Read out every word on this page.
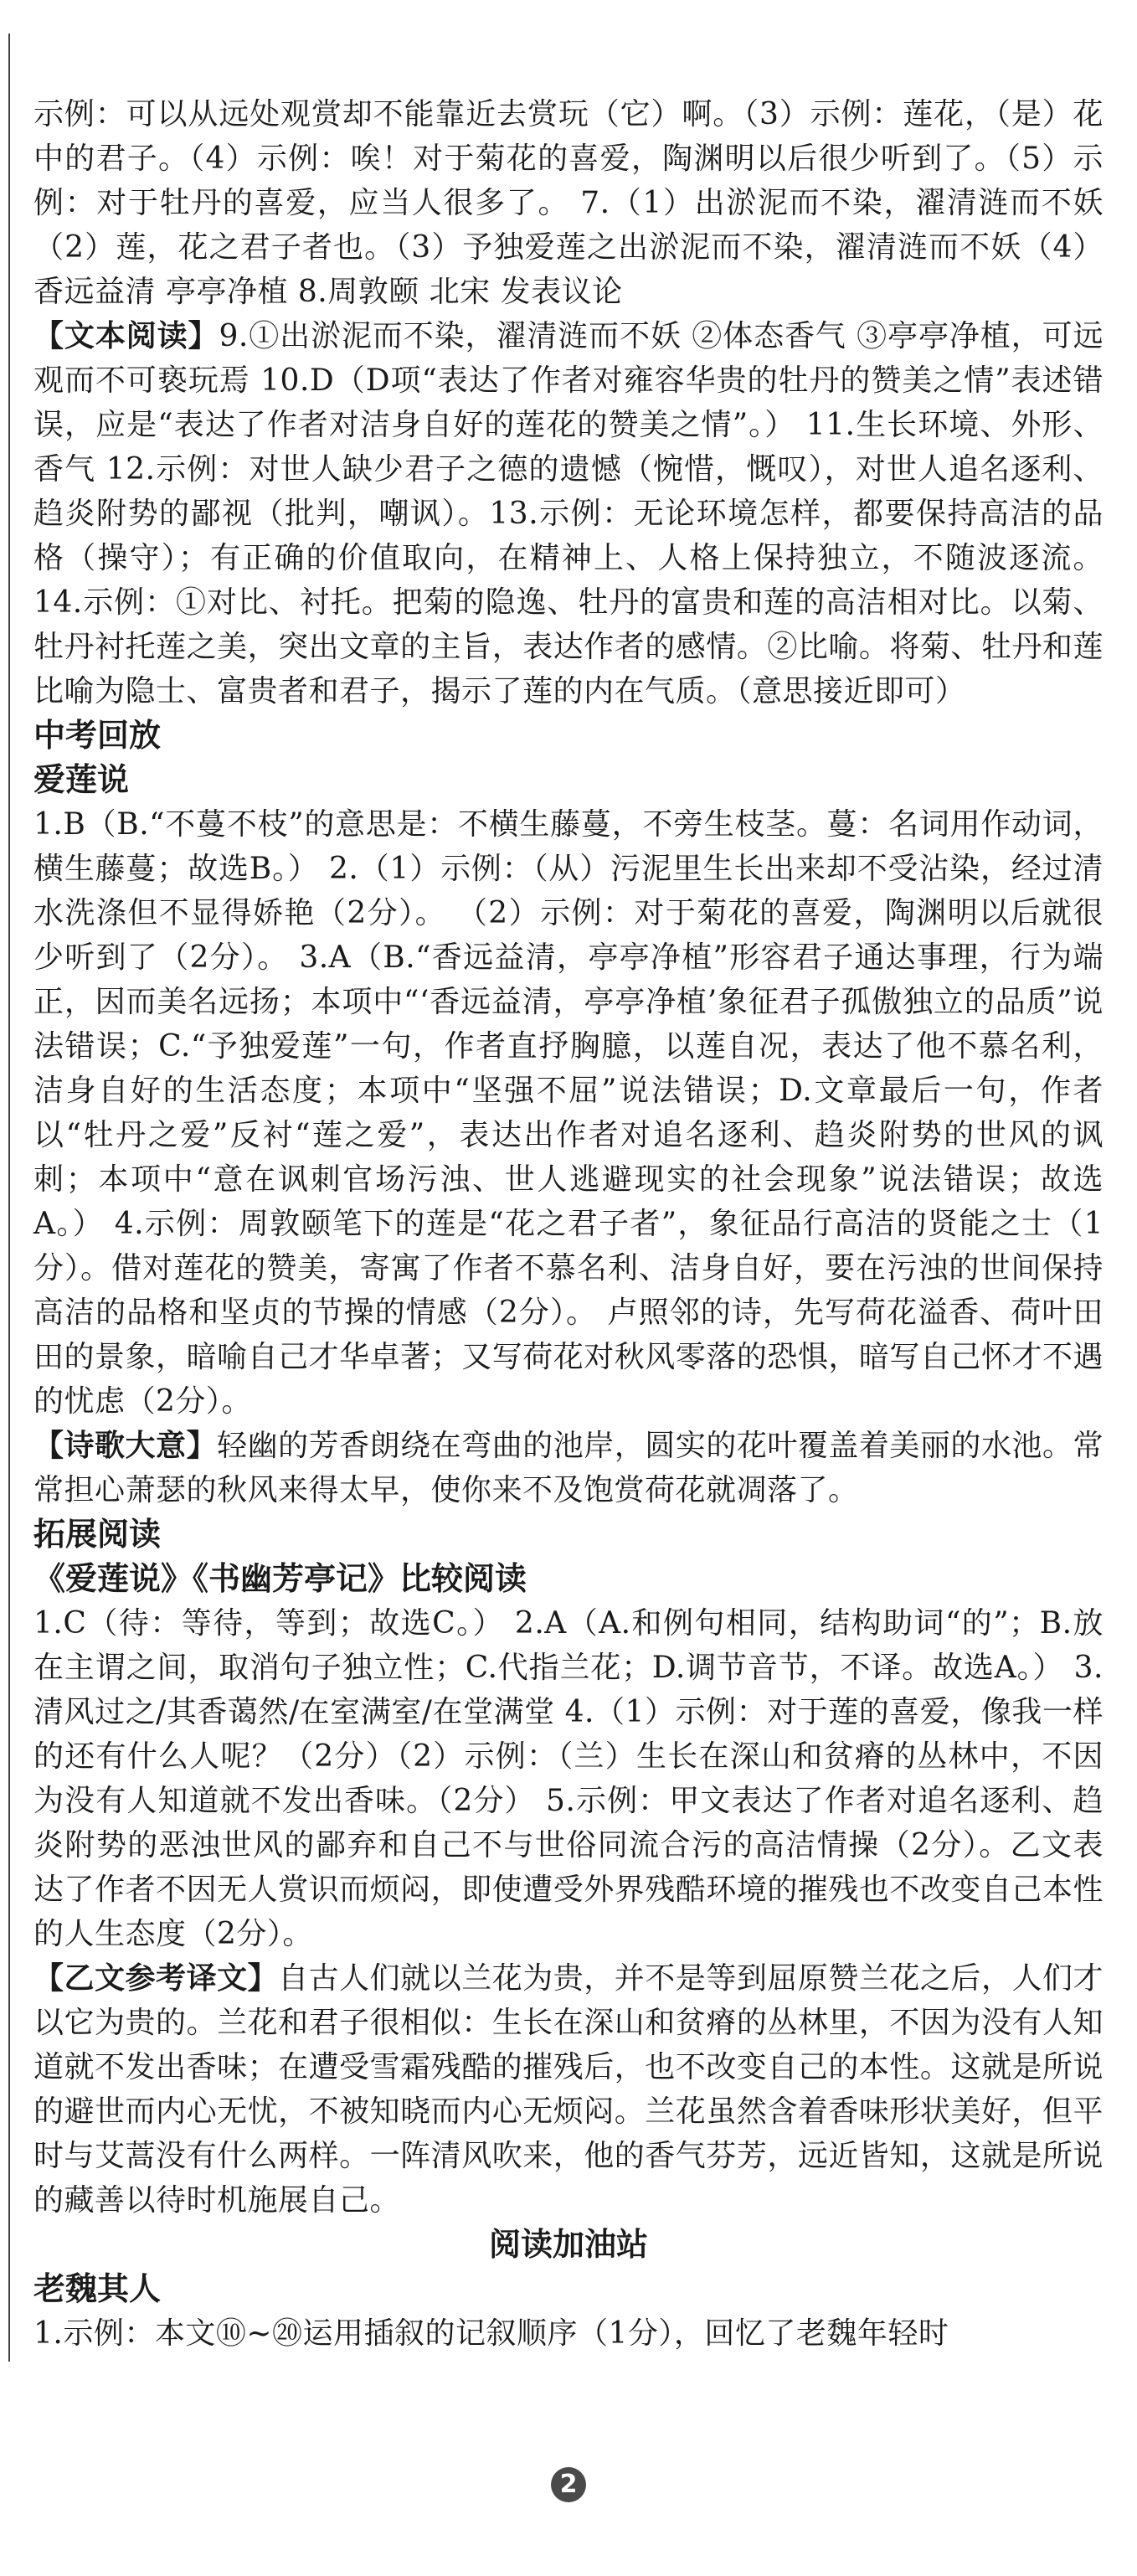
示例：可以从远处观赏却不能靠近去赏玩（它）啊。（3）示例：莲花，（是）花中的君子。（4）示例：唉！对于菊花的喜爱，陶渊明以后很少听到了。（5）示例：对于牡丹的喜爱，应当人很多了。 7.（1）出淤泥而不染，濯清涟而不妖（2）莲，花之君子者也。（3）予独爱莲之出淤泥而不染，濯清涟而不妖（4）香远益清 亭亭净植 8.周敦颐 北宋 发表议论

【文本阅读】9.①出淤泥而不染，濯清涟而不妖 ②体态香气 ③亭亭净植，可远观而不可亵玩焉 10.D（D项“表达了作者对雍容华贵的牡丹的赞美之情”表述错误，应是“表达了作者对洁身自好的莲花的赞美之情”。） 11.生长环境、外形、香气 12.示例：对世人缺少君子之德的遗憾（惋惜，慨叹），对世人追名逐利、趋炎附势的鄙视（批判，嘲讽）。13.示例：无论环境怎样，都要保持高洁的品格（操守）；有正确的价值取向，在精神上、人格上保持独立，不随波逐流。14.示例：①对比、衬托。把菊的隐逸、牡丹的富贵和莲的高洁相对比。以菊、牡丹衬托莲之美，突出文章的主旨，表达作者的感情。②比喻。将菊、牡丹和莲比喻为隐士、富贵者和君子，揭示了莲的内在气质。（意思接近即可）

中考回放

爱莲说

1.B（B.“不蔓不枝”的意思是：不横生藤蔓，不旁生枝茎。蔓：名词用作动词，横生藤蔓；故选B。） 2.（1）示例：（从）污泥里生长出来却不受沾染，经过清水洗涤但不显得娇艳（2分）。 （2）示例：对于菊花的喜爱，陶渊明以后就很少听到了（2分）。 3.A（B.“香远益清，亭亭净植”形容君子通达事理，行为端正，因而美名远扬；本项中“‘香远益清，亭亭净植’象征君子孤傲独立的品质”说法错误；C.“予独爱莲”一句，作者直抒胸臆，以莲自况，表达了他不慕名利，洁身自好的生活态度；本项中“坚强不屈”说法错误；D.文章最后一句，作者以“牡丹之爱”反衬“莲之爱”，表达出作者对追名逐利、趋炎附势的世风的讽刺；本项中“意在讽刺官场污浊、世人逃避现实的社会现象”说法错误；故选A。） 4.示例：周敦颐笔下的莲是“花之君子者”，象征品行高洁的贤能之士（1分）。借对莲花的赞美，寄寓了作者不慕名利、洁身自好，要在污浊的世间保持高洁的品格和坚贞的节操的情感（2分）。 卢照邻的诗，先写荷花溢香、荷叶田田的景象，暗喻自己才华卓著；又写荷花对秋风零落的恐惧，暗写自己怀才不遇的忧虑（2分）。

【诗歌大意】轻幽的芳香朗绕在弯曲的池岸，圆实的花叶覆盖着美丽的水池。常常担心萧瑟的秋风来得太早，使你来不及饱赏荷花就凋落了。

拓展阅读

《爱莲说》《书幽芳亭记》比较阅读

1.C（待：等待，等到；故选C。） 2.A（A.和例句相同，结构助词“的”；B.放在主谓之间，取消句子独立性；C.代指兰花；D.调节音节，不译。故选A。） 3.清风过之/其香蔼然/在室满室/在堂满堂 4.（1）示例：对于莲的喜爱，像我一样的还有什么人呢？（2分）（2）示例：（兰）生长在深山和贫瘠的丛林中，不因为没有人知道就不发出香味。（2分） 5.示例：甲文表达了作者对追名逐利、趋炎附势的恶浊世风的鄙弃和自己不与世俗同流合污的高洁情操（2分）。乙文表达了作者不因无人赏识而烦闷，即使遭受外界残酷环境的摧残也不改变自己本性的人生态度（2分）。

【乙文参考译文】自古人们就以兰花为贵，并不是等到屈原赞兰花之后，人们才以它为贵的。兰花和君子很相似：生长在深山和贫瘠的丛林里，不因为没有人知道就不发出香味；在遭受雪霜残酷的摧残后，也不改变自己的本性。这就是所说的避世而内心无忧，不被知晓而内心无烦闷。兰花虽然含着香味形状美好，但平时与艾蒿没有什么两样。一阵清风吹来，他的香气芬芳，远近皆知，这就是所说的藏善以待时机施展自己。

阅读加油站

老魏其人

1.示例：本文⑩~⑳运用插叙的记叙顺序（1分），回忆了老魏年轻时

2
